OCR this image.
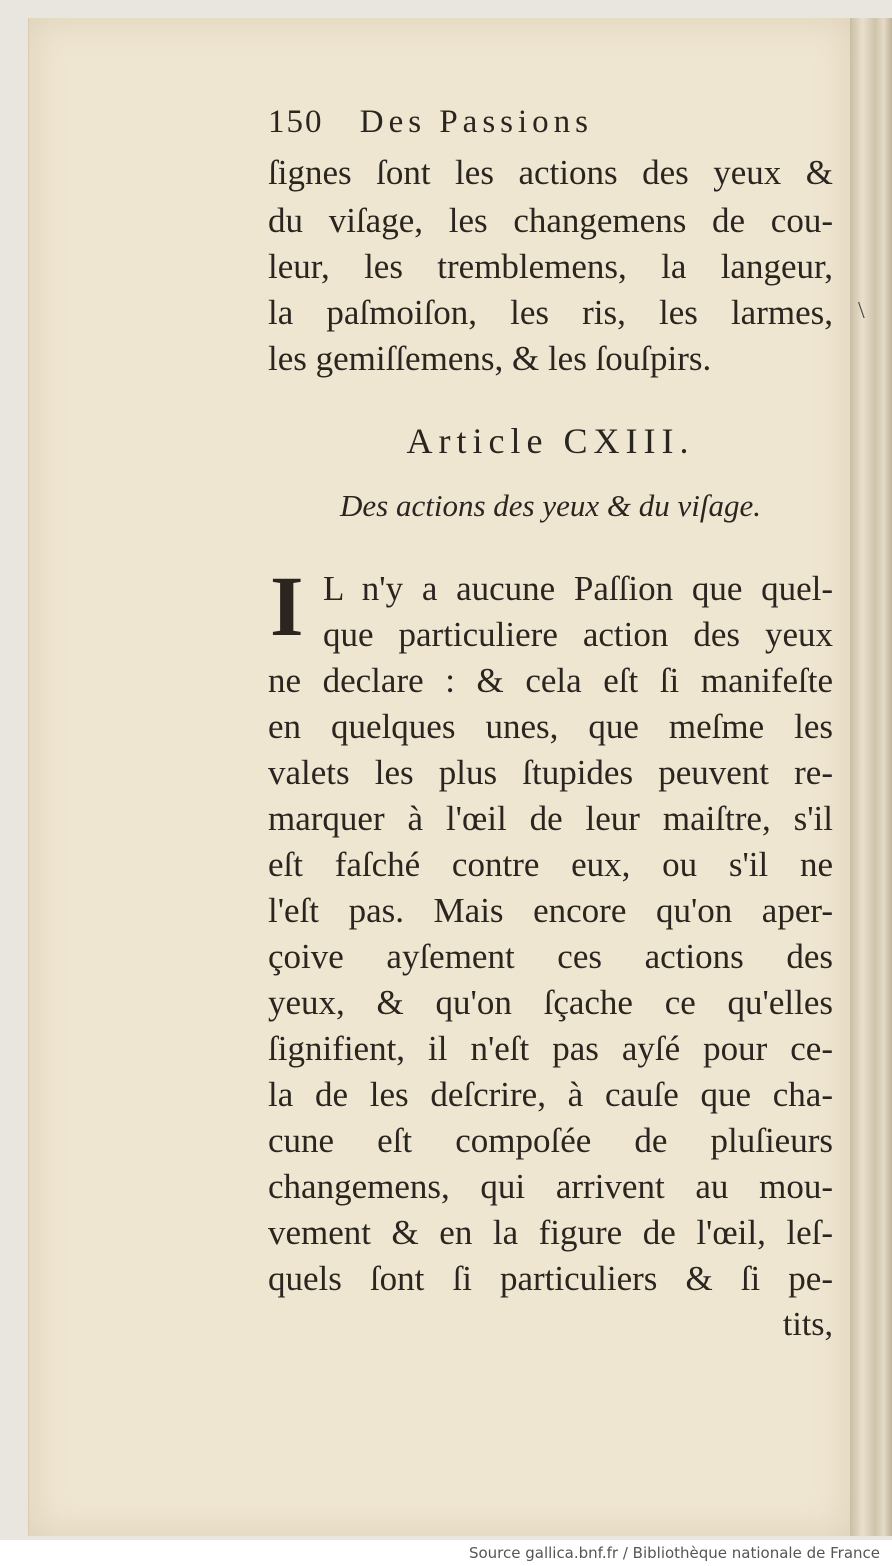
150 Des Passions
ſignes ſont les actions des yeux &
du viſage, les changemens de cou-
leur, les tremblemens, la langeur,
la paſmoiſon, les ris, les larmes,
les gemiſſemens, & les ſouſpirs.
\
Article CXIII.
Des actions des yeux & du viſage.
I L n'y a aucune Paſſion que quel-
que particuliere action des yeux
ne declare : & cela eſt ſi manifeſte
en quelques unes, que meſme les
valets les plus ſtupides peuvent re-
marquer à l'œil de leur maiſtre, s'il
eſt faſché contre eux, ou s'il ne
l'eſt pas. Mais encore qu'on aper-
çoive ayſement ces actions des
yeux, & qu'on ſçache ce qu'elles
ſignifient, il n'eſt pas ayſé pour ce-
la de les deſcrire, à cauſe que cha-
cune eſt compoſée de pluſieurs
changemens, qui arrivent au mou-
vement & en la figure de l'œil, leſ-
quels ſont ſi particuliers & ſi pe-
tits,
Source gallica.bnf.fr / Bibliothèque nationale de France
